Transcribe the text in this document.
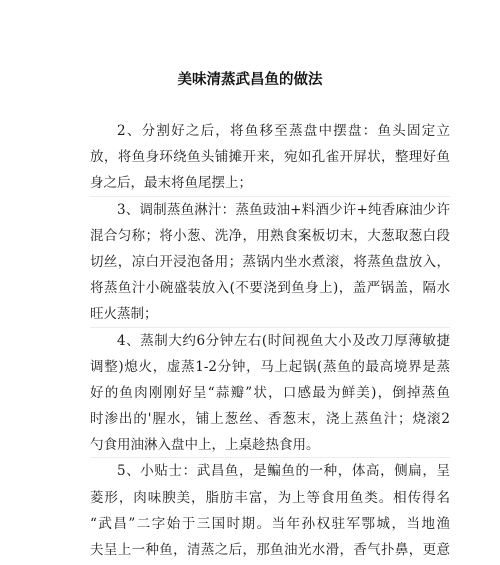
美味清蒸武昌鱼的做法
2、分割好之后，将鱼移至蒸盘中摆盘：鱼头固定立
放，将鱼身环绕鱼头铺摊开来，宛如孔雀开屏状，整理好鱼
身之后，最末将鱼尾摆上；
3、调制蒸鱼淋汁：蒸鱼豉油+料酒少许+纯香麻油少许
混合匀称；将小葱、洗净，用熟食案板切末，大葱取葱白段
切丝，凉白开浸泡备用；蒸锅内坐水煮滚，将蒸鱼盘放入，
将蒸鱼汁小碗盛装放入(不要浇到鱼身上)，盖严锅盖，隔水
旺火蒸制；
4、蒸制大约6分钟左右(时间视鱼大小及改刀厚薄敏捷
调整)熄火，虚蒸1-2分钟，马上起锅(蒸鱼的最高境界是蒸
好的鱼肉刚刚好呈“蒜瓣”状，口感最为鲜美)，倒掉蒸鱼
时渗出的'腥水，铺上葱丝、香葱末，浇上蒸鱼汁；烧滚2
勺食用油淋入盘中上，上桌趁热食用。
5、小贴士：武昌鱼，是鳊鱼的一种，体高，侧扁，呈
菱形，肉味腴美，脂肪丰富，为上等食用鱼类。相传得名
“武昌”二字始于三国时期。当年孙权驻军鄂城，当地渔
夫呈上一种鱼，清蒸之后，那鱼油光水滑，香气扑鼻，更意
